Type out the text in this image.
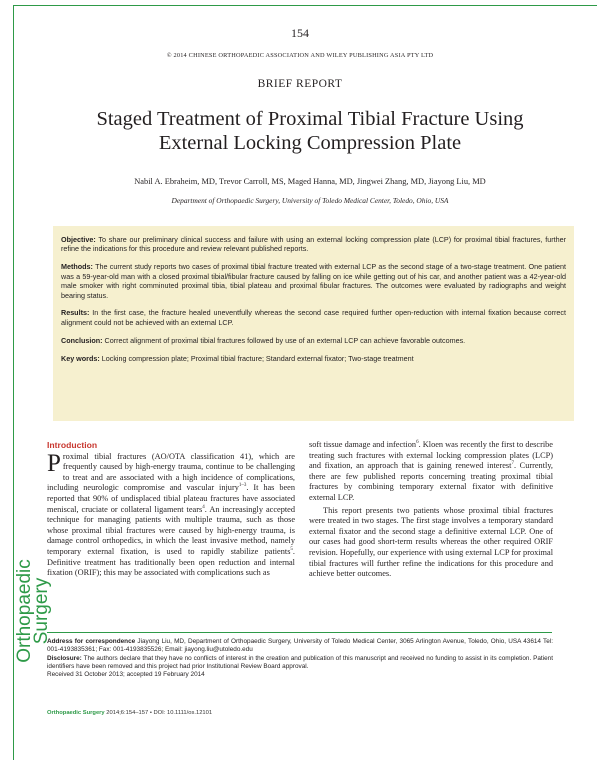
154
© 2014 CHINESE ORTHOPAEDIC ASSOCIATION AND WILEY PUBLISHING ASIA PTY LTD
BRIEF REPORT
Staged Treatment of Proximal Tibial Fracture Using
External Locking Compression Plate
Nabil A. Ebraheim, MD, Trevor Carroll, MS, Maged Hanna, MD, Jingwei Zhang, MD, Jiayong Liu, MD
Department of Orthopaedic Surgery, University of Toledo Medical Center, Toledo, Ohio, USA

Objective: To share our preliminary clinical success and failure with using an external locking compression plate (LCP) for proximal tibial fractures, further refine the indications for this procedure and review relevant published reports.

Methods: The current study reports two cases of proximal tibial fracture treated with external LCP as the second stage of a two-stage treatment. One patient was a 59-year-old man with a closed proximal tibial/fibular fracture caused by falling on ice while getting out of his car, and another patient was a 42-year-old male smoker with right comminuted proximal tibia, tibial plateau and proximal fibular fractures. The outcomes were evaluated by radiographs and weight bearing status.

Results: In the first case, the fracture healed uneventfully whereas the second case required further open-reduction with internal fixation because correct alignment could not be achieved with an external LCP.

Conclusion: Correct alignment of proximal tibial fractures followed by use of an external LCP can achieve favorable outcomes.

Key words: Locking compression plate; Proximal tibial fracture; Standard external fixator; Two-stage treatment

Introduction

Proximal tibial fractures (AO/OTA classification 41), which are frequently caused by high-energy trauma, continue to be challenging to treat and are associated with a high incidence of complications, including neurologic compromise and vascular injury$^{1-3}$. It has been reported that 90% of undisplaced tibial plateau fractures have associated meniscal, cruciate or collateral ligament tears$^4$. An increasingly accepted technique for managing patients with multiple trauma, such as those whose proximal tibial fractures were caused by high-energy trauma, is damage control orthopedics, in which the least invasive method, namely temporary external fixation, is used to rapidly stabilize patients$^5$. Definitive treatment has traditionally been open reduction and internal fixation (ORIF); this may be associated with complications such as

soft tissue damage and infection$^6$. Kloen was recently the first to describe treating such fractures with external locking compression plates (LCP) and fixation, an approach that is gaining renewed interest$^7$. Currently, there are few published reports concerning treating proximal tibial fractures by combining temporary external fixator with definitive external LCP.

This report presents two patients whose proximal tibial fractures were treated in two stages. The first stage involves a temporary standard external fixator and the second stage a definitive external LCP. One of our cases had good short-term results whereas the other required ORIF revision. Hopefully, our experience with using external LCP for proximal tibial fractures will further refine the indications for this procedure and achieve better outcomes.

Address for correspondence Jiayong Liu, MD, Department of Orthopaedic Surgery, University of Toledo Medical Center, 3065 Arlington Avenue, Toledo, Ohio, USA 43614 Tel: 001-4193835361; Fax: 001-4193835526; Email: jiayong.liu@utoledo.edu

Disclosure: The authors declare that they have no conflicts of interest in the creation and publication of this manuscript and received no funding to assist in its completion. Patient identifiers have been removed and this project had prior Institutional Review Board approval.

Received 31 October 2013; accepted 19 February 2014

Orthopaedic
Surgery
Orthopaedic Surgery 2014;6:154–157 • DOI: 10.1111/os.12101
